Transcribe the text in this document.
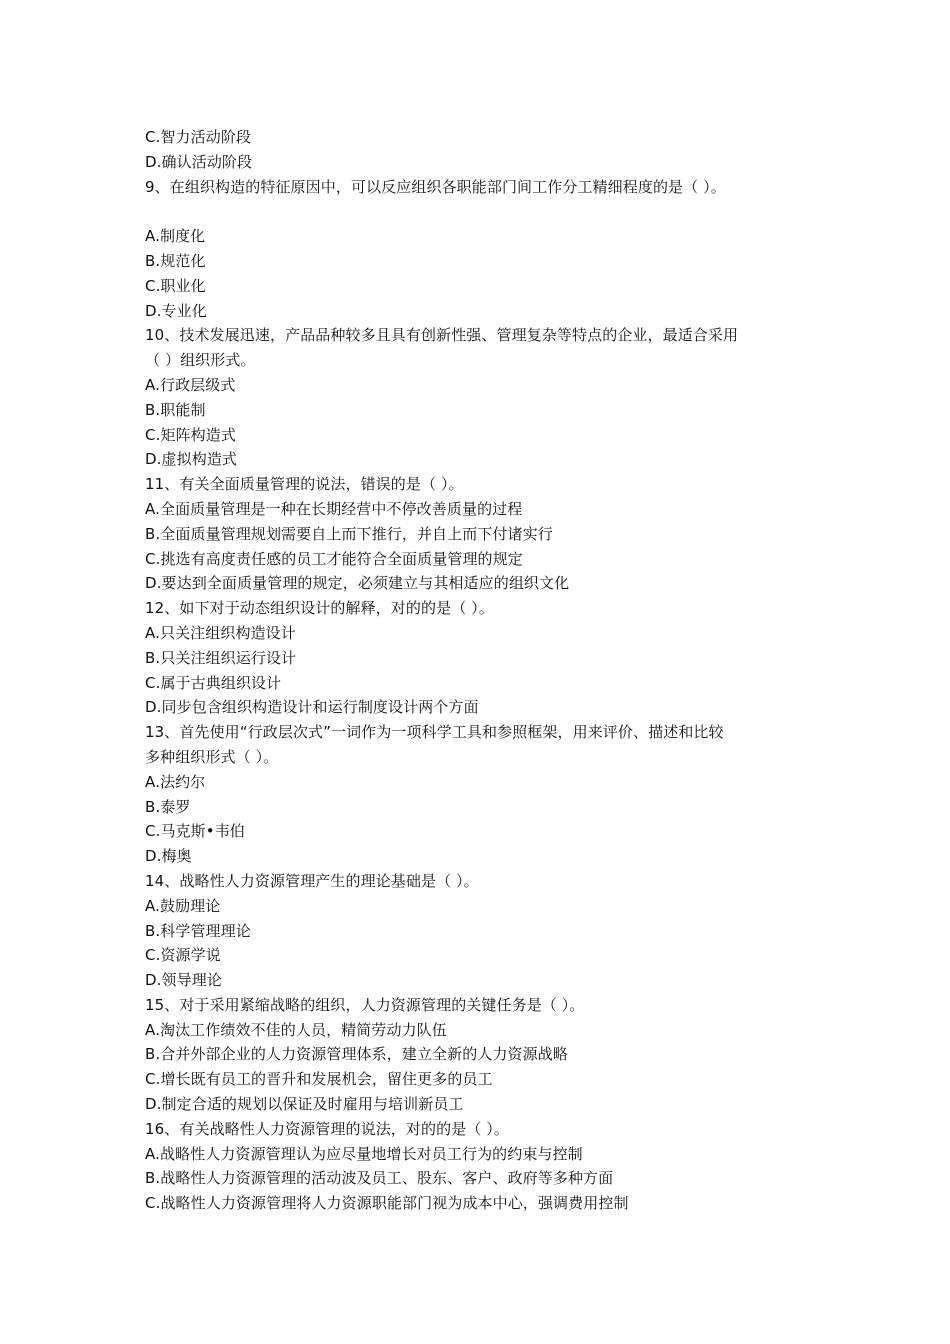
C.智力活动阶段
D.确认活动阶段
9、在组织构造的特征原因中，可以反应组织各职能部门间工作分工精细程度的是（ ）。
A.制度化
B.规范化
C.职业化
D.专业化
10、技术发展迅速，产品品种较多且具有创新性强、管理复杂等特点的企业，最适合采用
（ ）组织形式。
A.行政层级式
B.职能制
C.矩阵构造式
D.虚拟构造式
11、有关全面质量管理的说法，错误的是（ ）。
A.全面质量管理是一种在长期经营中不停改善质量的过程
B.全面质量管理规划需要自上而下推行，并自上而下付诸实行
C.挑选有高度责任感的员工才能符合全面质量管理的规定
D.要达到全面质量管理的规定，必须建立与其相适应的组织文化
12、如下对于动态组织设计的解释，对的的是（ ）。
A.只关注组织构造设计
B.只关注组织运行设计
C.属于古典组织设计
D.同步包含组织构造设计和运行制度设计两个方面
13、首先使用“行政层次式”一词作为一项科学工具和参照框架，用来评价、描述和比较
多种组织形式（ ）。
A.法约尔
B.泰罗
C.马克斯•韦伯
D.梅奥
14、战略性人力资源管理产生的理论基础是（ ）。
A.鼓励理论
B.科学管理理论
C.资源学说
D.领导理论
15、对于采用紧缩战略的组织，人力资源管理的关键任务是（ ）。
A.淘汰工作绩效不佳的人员，精简劳动力队伍
B.合并外部企业的人力资源管理体系，建立全新的人力资源战略
C.增长既有员工的晋升和发展机会，留住更多的员工
D.制定合适的规划以保证及时雇用与培训新员工
16、有关战略性人力资源管理的说法，对的的是（ ）。
A.战略性人力资源管理认为应尽量地增长对员工行为的约束与控制
B.战略性人力资源管理的活动波及员工、股东、客户、政府等多种方面
C.战略性人力资源管理将人力资源职能部门视为成本中心，强调费用控制
